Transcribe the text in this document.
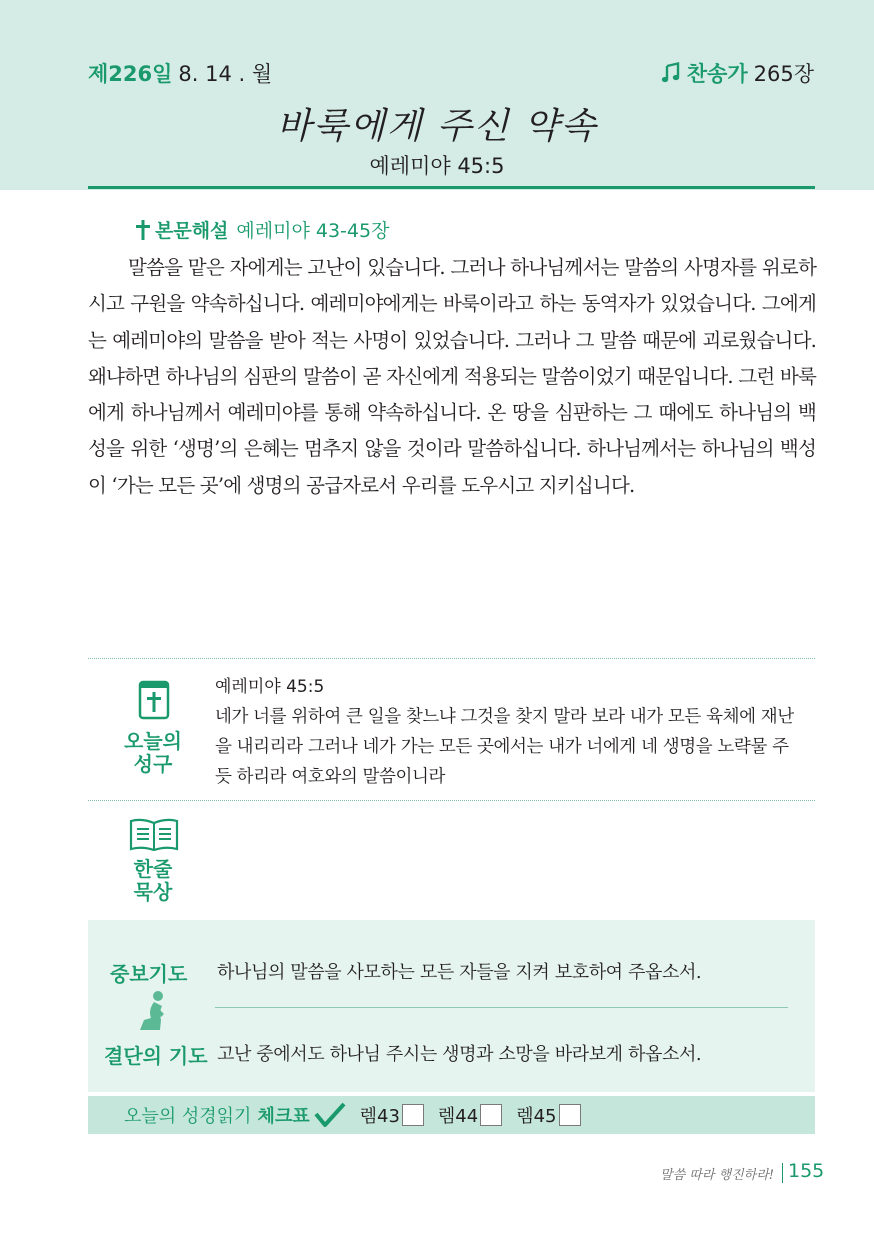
제226일 8. 14 . 월	찬송가 265장
바룩에게 주신 약속
예레미야 45:5
본문해설 예레미야 43-45장
말씀을 맡은 자에게는 고난이 있습니다. 그러나 하나님께서는 말씀의 사명자를 위로하시고 구원을 약속하십니다. 예레미야에게는 바룩이라고 하는 동역자가 있었습니다. 그에게는 예레미야의 말씀을 받아 적는 사명이 있었습니다. 그러나 그 말씀 때문에 괴로웠습니다. 왜냐하면 하나님의 심판의 말씀이 곧 자신에게 적용되는 말씀이었기 때문입니다. 그런 바룩에게 하나님께서 예레미야를 통해 약속하십니다. 온 땅을 심판하는 그 때에도 하나님의 백성을 위한 ‘생명’의 은혜는 멈추지 않을 것이라 말씀하십니다. 하나님께서는 하나님의 백성이 ‘가는 모든 곳’에 생명의 공급자로서 우리를 도우시고 지키십니다.
오늘의
성구
예레미야 45:5
네가 너를 위하여 큰 일을 찾느냐 그것을 찾지 말라 보라 내가 모든 육체에 재난을 내리리라 그러나 네가 가는 모든 곳에서는 내가 너에게 네 생명을 노략물 주듯 하리라 여호와의 말씀이니라
한줄
묵상
중보기도 하나님의 말씀을 사모하는 모든 자들을 지켜 보호하여 주옵소서.
결단의 기도 고난 중에서도 하나님 주시는 생명과 소망을 바라보게 하옵소서.
오늘의 성경읽기 체크표	렘43 렘44 렘45
말씀 따라 행진하라! 155
